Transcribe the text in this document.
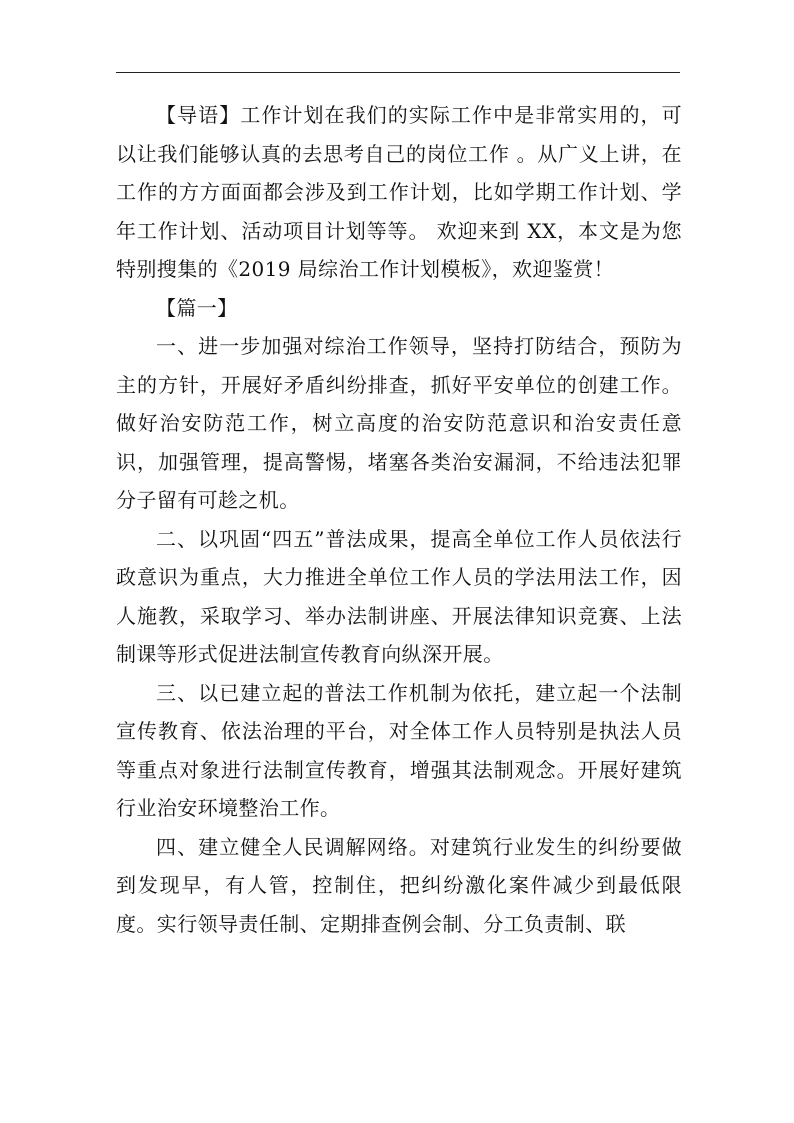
【导语】工作计划在我们的实际工作中是非常实用的，可以让我们能够认真的去思考自己的岗位工作 。从广义上讲，在工作的方方面面都会涉及到工作计划，比如学期工作计划、学年工作计划、活动项目计划等等。 欢迎来到 XX，本文是为您特别搜集的《2019 局综治工作计划模板》，欢迎鉴赏！

【篇一】

一、进一步加强对综治工作领导，坚持打防结合，预防为主的方针，开展好矛盾纠纷排查，抓好平安单位的创建工作。做好治安防范工作，树立高度的治安防范意识和治安责任意识，加强管理，提高警惕，堵塞各类治安漏洞，不给违法犯罪分子留有可趁之机。

二、以巩固“四五”普法成果，提高全单位工作人员依法行政意识为重点，大力推进全单位工作人员的学法用法工作，因人施教，采取学习、举办法制讲座、开展法律知识竞赛、上法制课等形式促进法制宣传教育向纵深开展。

三、以已建立起的普法工作机制为依托，建立起一个法制宣传教育、依法治理的平台，对全体工作人员特别是执法人员等重点对象进行法制宣传教育，增强其法制观念。开展好建筑行业治安环境整治工作。

四、建立健全人民调解网络。对建筑行业发生的纠纷要做到发现早，有人管，控制住，把纠纷激化案件减少到最低限度。实行领导责任制、定期排查例会制、分工负责制、联
